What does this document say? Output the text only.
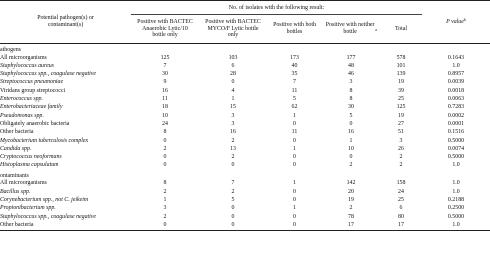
Potential pathogen(s) or contaminant(s)	No. of isolates with the following result:					P value$^b$
	Positive with BACTEC Anaerobic Lytic/10 bottle only	Positive with BACTEC MYCO/F Lytic bottle only	Positive with both bottles	Positive with neither bottle $^a$	Total	
athogens						
All microorganisms	125	103	173	177	578	0.1643
Staphylococcus aureus	7	6	40	48	101	1.0
Staphylococcus spp., coagulase negative	30	28	35	46	139	0.8957
Streptococcus pneumoniae	9	0	7	3	19	0.0039
Viridans group streptococci	16	4	11	8	39	0.0018
Enterococcus spp.	11	1	5	8	25	0.0063
Enterobacteriaceae family	18	15	62	30	125	0.7283
Pseudomonas spp.	10	3	1	5	19	0.0002
Obligately anaerobic bacteria	24	3	0	0	27	0.0001
Other bacteria	8	16	11	16	51	0.1516
Mycobacterium tuberculosis complex	0	2	0	1	3	0.5000
Candida spp.	2	13	1	10	26	0.0074
Cryptococcus neoformans	0	2	0	0	2	0.5000
Histoplasma capsulatum	0	0	0	2	2	1.0
ontaminants						
All microorganisms	8	7	1	142	158	1.0
Bacillus spp.	2	2	0	20	24	1.0
Corynebacterium spp., not C. jeikeim	1	5	0	19	25	0.2188
Propionibacterium spp.	3	0	1	2	6	0.2500
Staphylococcus spp., coagulase negative	2	0	0	78	80	0.5000
Other bacteria	0	0	0	17	17	1.0
